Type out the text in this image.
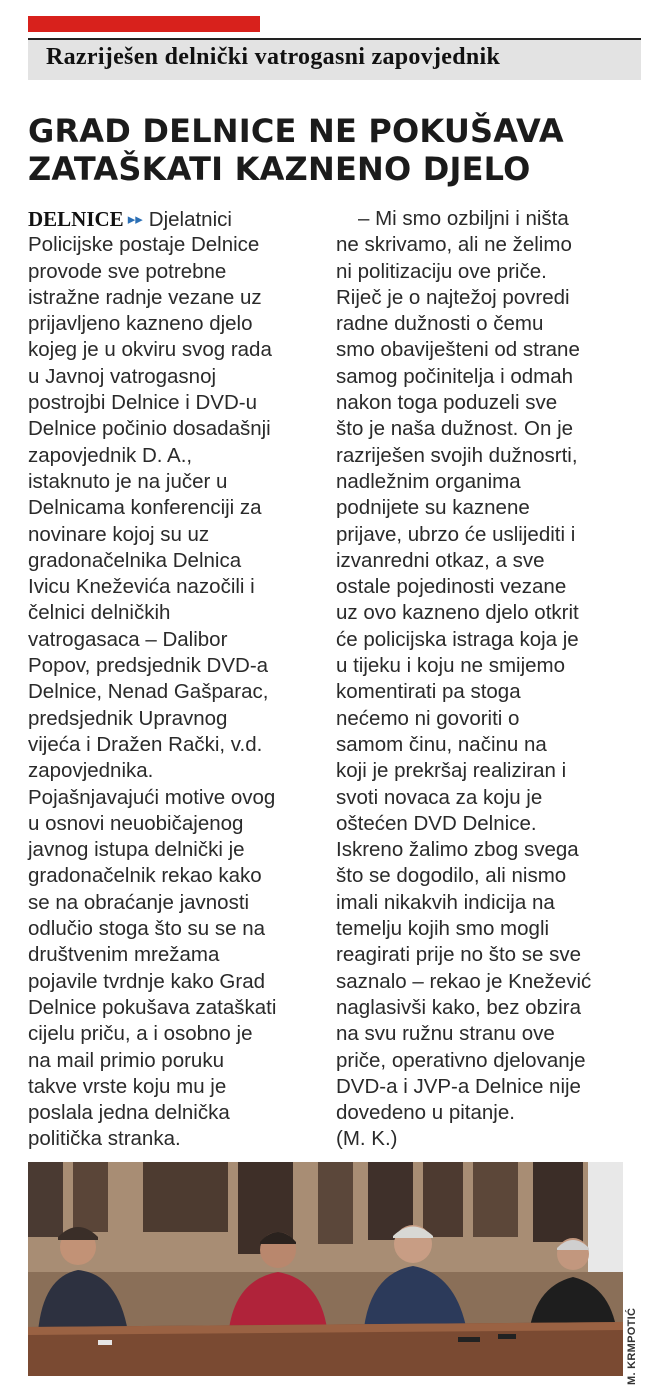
Razriješen delnički vatrogasni zapovjednik
GRAD DELNICE NE POKUŠAVA
ZATAŠKATI KAZNENO DJELO
DELNICE ▸▸ Djelatnici
Policijske postaje Delnice
provode sve potrebne
istražne radnje vezane uz
prijavljeno kazneno djelo
kojeg je u okviru svog rada
u Javnoj vatrogasnoj
postrojbi Delnice i DVD-u
Delnice počinio dosadašnji
zapovjednik D. A.,
istaknuto je na jučer u
Delnicama konferenciji za
novinare kojoj su uz
gradonačelnika Delnica
Ivicu Kneževića nazočili i
čelnici delničkih
vatrogasaca – Dalibor
Popov, predsjednik DVD-a
Delnice, Nenad Gašparac,
predsjednik Upravnog
vijeća i Dražen Rački, v.d.
zapovjednika.
Pojašnjavajući motive ovog
u osnovi neuobičajenog
javnog istupa delnički je
gradonačelnik rekao kako
se na obraćanje javnosti
odlučio stoga što su se na
društvenim mrežama
pojavile tvrdnje kako Grad
Delnice pokušava zataškati
cijelu priču, a i osobno je
na mail primio poruku
takve vrste koju mu je
poslala jedna delnička
politička stranka.
– Mi smo ozbiljni i ništa
ne skrivamo, ali ne želimo
ni politizaciju ove priče.
Riječ je o najtežoj povredi
radne dužnosti o čemu
smo obaviješteni od strane
samog počinitelja i odmah
nakon toga poduzeli sve
što je naša dužnost. On je
razriješen svojih dužnosrti,
nadležnim organima
podnijete su kaznene
prijave, ubrzo će uslijediti i
izvanredni otkaz, a sve
ostale pojedinosti vezane
uz ovo kazneno djelo otkrit
će policijska istraga koja je
u tijeku i koju ne smijemo
komentirati pa stoga
nećemo ni govoriti o
samom činu, načinu na
koji je prekršaj realiziran i
svoti novaca za koju je
oštećen DVD Delnice.
Iskreno žalimo zbog svega
što se dogodilo, ali nismo
imali nikakvih indicija na
temelju kojih smo mogli
reagirati prije no što se sve
saznalo – rekao je Knežević
naglasivši kako, bez obzira
na svu ružnu stranu ove
priče, operativno djelovanje
DVD-a i JVP-a Delnice nije
dovedeno u pitanje.
(M. K.)
M. KRMPOTIĆ
